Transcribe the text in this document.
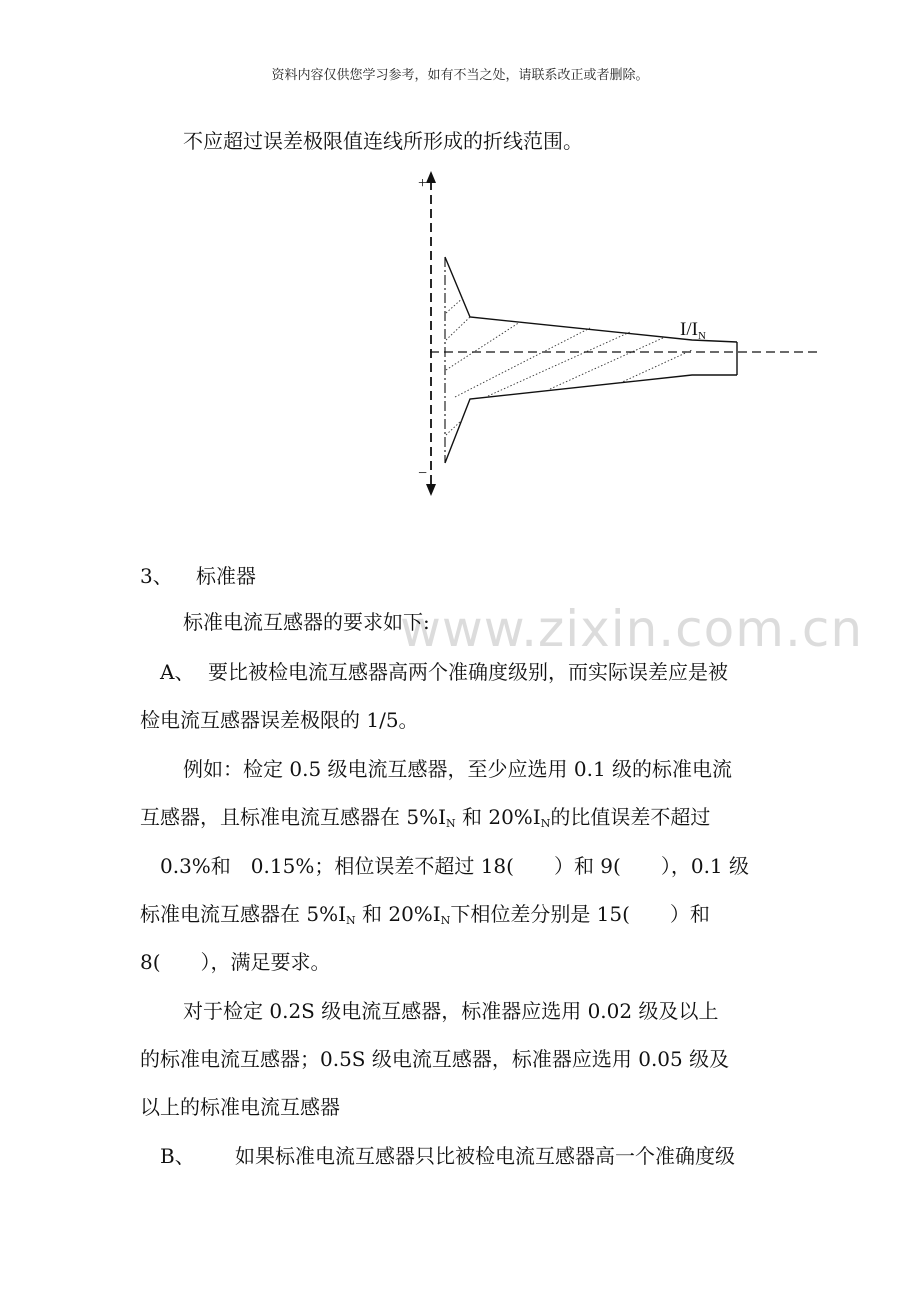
资料内容仅供您学习参考，如有不当之处，请联系改正或者删除。
不应超过误差极限值连线所形成的折线范围。
+
−
$I/I_N$
3、 标准器
www.zixin.com.cn
标准电流互感器的要求如下:
A、 要比被检电流互感器高两个准确度级别，而实际误差应是被
检电流互感器误差极限的 1/5。
例如：检定 0.5 级电流互感器，至少应选用 0.1 级的标准电流
互感器，且标准电流互感器在 $5\%I_N$ 和 $20\%I_N$的比值误差不超过
0.3%和　0.15%；相位误差不超过 18(　　）和 9(　　），0.1 级
标准电流互感器在 $5\%I_N$ 和 $20\%I_N$下相位差分别是 15(　　）和
8(　　），满足要求。
对于检定 0.2S 级电流互感器，标准器应选用 0.02 级及以上
的标准电流互感器；0.5S 级电流互感器，标准器应选用 0.05 级及
以上的标准电流互感器
B、 如果标准电流互感器只比被检电流互感器高一个准确度级
